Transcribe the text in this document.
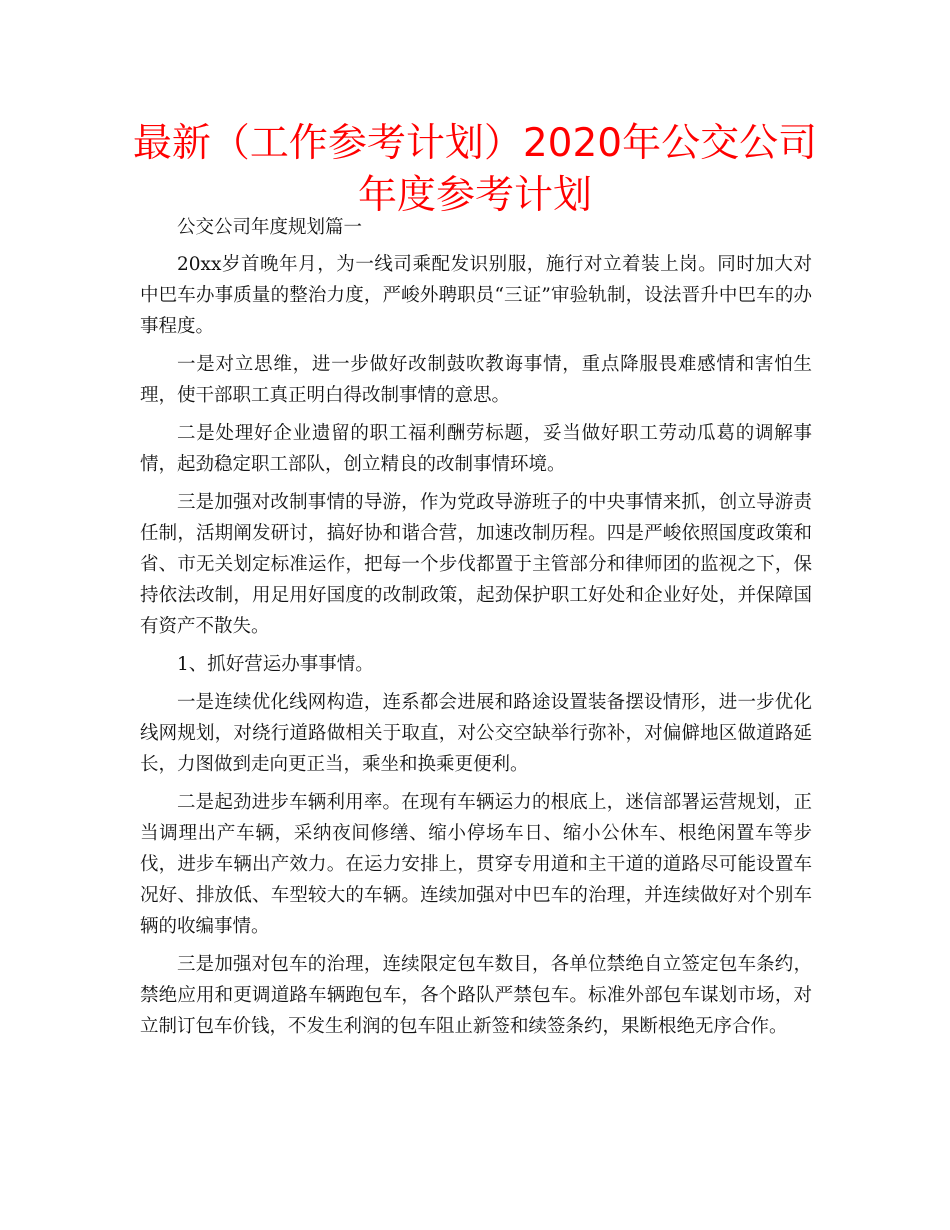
最新（工作参考计划）2020年公交公司年度参考计划

公交公司年度规划篇一

20xx岁首晚年月，为一线司乘配发识别服，施行对立着装上岗。同时加大对中巴车办事质量的整治力度，严峻外聘职员“三证”审验轨制，设法晋升中巴车的办事程度。

一是对立思维，进一步做好改制鼓吹教诲事情，重点降服畏难感情和害怕生理，使干部职工真正明白得改制事情的意思。

二是处理好企业遗留的职工福利酬劳标题，妥当做好职工劳动瓜葛的调解事情，起劲稳定职工部队，创立精良的改制事情环境。

三是加强对改制事情的导游，作为党政导游班子的中央事情来抓，创立导游责任制，活期阐发研讨，搞好协和谐合营，加速改制历程。四是严峻依照国度政策和省、市无关划定标准运作，把每一个步伐都置于主管部分和律师团的监视之下，保持依法改制，用足用好国度的改制政策，起劲保护职工好处和企业好处，并保障国有资产不散失。

1、抓好营运办事事情。

一是连续优化线网构造，连系都会进展和路途设置装备摆设情形，进一步优化线网规划，对绕行道路做相关于取直，对公交空缺举行弥补，对偏僻地区做道路延长，力图做到走向更正当，乘坐和换乘更便利。

二是起劲进步车辆利用率。在现有车辆运力的根底上，迷信部署运营规划，正当调理出产车辆，采纳夜间修缮、缩小停场车日、缩小公休车、根绝闲置车等步伐，进步车辆出产效力。在运力安排上，贯穿专用道和主干道的道路尽可能设置车况好、排放低、车型较大的车辆。连续加强对中巴车的治理，并连续做好对个别车辆的收编事情。

三是加强对包车的治理，连续限定包车数目，各单位禁绝自立签定包车条约，禁绝应用和更调道路车辆跑包车，各个路队严禁包车。标准外部包车谋划市场，对立制订包车价钱，不发生利润的包车阻止新签和续签条约，果断根绝无序合作。
